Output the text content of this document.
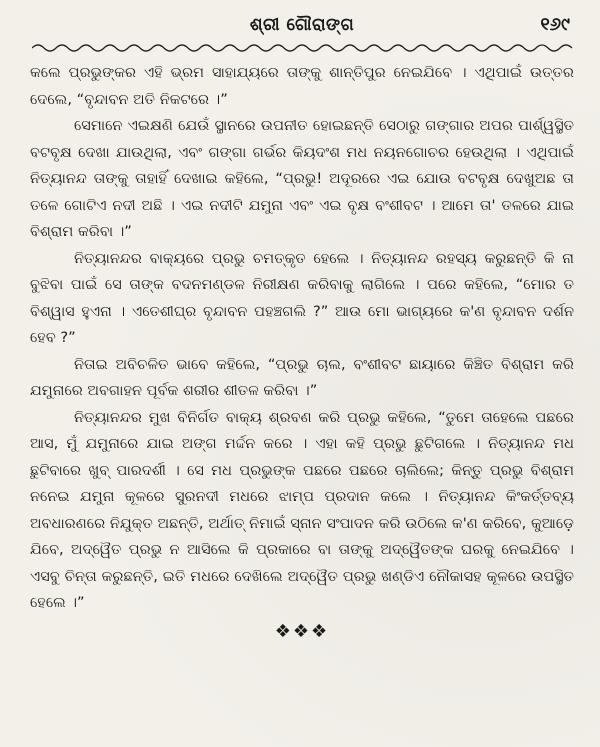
ଶ୍ରୀ ଗୌରାଙ୍ଗ	୧୬୯

କଲେ ପ୍ରଭୁଙ୍କର ଏହି ଭ୍ରମ ସାହାଯ୍ୟରେ ତାଙ୍କୁ ଶାନ୍ତିପୁର ନେଇଯିବେ । ଏଥିପାଇଁ ଉତ୍ତର ଦେଲେ, “ବୃନ୍ଦାବନ ଅତି ନିକଟରେ ।”

ସେମାନେ ଏଇକ୍ଷଣି ଯେଉଁ ସ୍ଥାନରେ ଉପନୀତ ହୋଇଛନ୍ତି ସେଠାରୁ ଗଙ୍ଗାର ଅପର ପାର୍ଶ୍ୱସ୍ଥିତ ବଟବୃକ୍ଷ ଦେଖା ଯାଉଥିଲା, ଏବଂ ଗଙ୍ଗା ଗର୍ଭର କିୟଦଂଶ ମଧ ନୟନଗୋଚର ହେଉଥିଲା । ଏଥିପାଇଁ ନିତ୍ୟାନନ୍ଦ ତାଙ୍କୁ ତାହାହିଁ ଦେଖାଇ କହିଲେ, “ପ୍ରଭୁ! ଅଦୂରରେ ଏଇ ଯୋଉ ବଟବୃକ୍ଷ ଦେଖୁଅଛ ତା ତଳେ ଗୋଟିଏ ନଦୀ ଅଛି । ଏଇ ନଦୀଟି ଯମୁନା ଏବଂ ଏଇ ବୃକ୍ଷ ବଂଶୀବଟ । ଆମେ ତା' ତଳରେ ଯାଇ ବିଶ୍ରାମ କରିବା ।”

ନିତ୍ୟାନନ୍ଦର ବାକ୍ୟରେ ପ୍ରଭୁ ଚମତ୍କୃତ ହେଲେ । ନିତ୍ୟାନନ୍ଦ ରହସ୍ୟ କରୁଛନ୍ତି କି ନା ବୁଝିବା ପାଇଁ ସେ ତାଙ୍କ ବଦନମଣ୍ଡଳ ନିରୀକ୍ଷଣ କରିବାକୁ ଲାଗିଲେ । ପରେ କହିଲେ, “ମୋର ତ ବିଶ୍ୱାସ ହୁଏନା । ଏତେଶୀଘ୍ର ବୃନ୍ଦାବନ ପହଞ୍ଚଗଲି ?” ଆଉ ମୋ ଭାଗ୍ୟରେ କ'ଣ ବୃନ୍ଦାବନ ଦର୍ଶନ ହେବ ?”

ନିତାଇ ଅବିଚଳିତ ଭାବେ କହିଲେ, “ପ୍ରଭୁ ଚାଲ, ବଂଶୀବଟ ଛାୟାରେ କିଞ୍ଚିତ ବିଶ୍ରାମ କରି ଯମୁନାରେ ଅବଗାହନ ପୂର୍ବକ ଶରୀର ଶୀତଳ କରିବା ।”

ନିତ୍ୟାନନ୍ଦର ମୁଖ ବିନିର୍ଗତ ବାକ୍ୟ ଶ୍ରବଣ କରି ପ୍ରଭୁ କହିଲେ, “ତୁମେ ତାହେଲେ ପଛରେ ଆସ, ମୁଁ ଯମୁନାରେ ଯାଇ ଅଙ୍ଗ ମର୍ଦ୍ଦନ କରେ । ଏହା କହି ପ୍ରଭୁ ଛୁଟିଗଲେ । ନିତ୍ୟାନନ୍ଦ ମଧ ଛୁଟିବାରେ ଖୁବ୍ ପାରଦର୍ଶୀ । ସେ ମଧ ପ୍ରଭୁଙ୍କ ପଛରେ ପଛରେ ଚାଲିଲେ; କିନ୍ତୁ ପ୍ରଭୁ ବିଶ୍ରାମ ନନେଇ ଯମୁନା କୂଳରେ ସୁରନଦୀ ମଧରେ ଝାମ୍ପ ପ୍ରଦାନ କଲେ । ନିତ୍ୟାନନ୍ଦ କିଂକର୍ତ୍ତବ୍ୟ ଅବଧାରଣରେ ନିଯୁକ୍ତ ଅଛନ୍ତି, ଅର୍ଥାତ୍ ନିମାଇଁ ସ୍ନାନ ସଂପାଦନ କରି ଉଠିଲେ କ'ଣ କରିବେ, କୁଆଡ଼େ ଯିବେ, ଅଦ୍ୱୈତ ପ୍ରଭୁ ନ ଆସିଲେ କି ପ୍ରକାରେ ବା ତାଙ୍କୁ ଅଦ୍ୱୈତଙ୍କ ଘରକୁ ନେଇଯିବେ । ଏସବୁ ଚିନ୍ତା କରୁଛନ୍ତି, ଇତି ମଧରେ ଦେଖିଲେ ଅଦ୍ୱୈତ ପ୍ରଭୁ ଖଣ୍ଡିଏ ନୌକାସହ କୂଳରେ ଉପସ୍ଥିତ ହେଲେ ।”

❖❖❖
